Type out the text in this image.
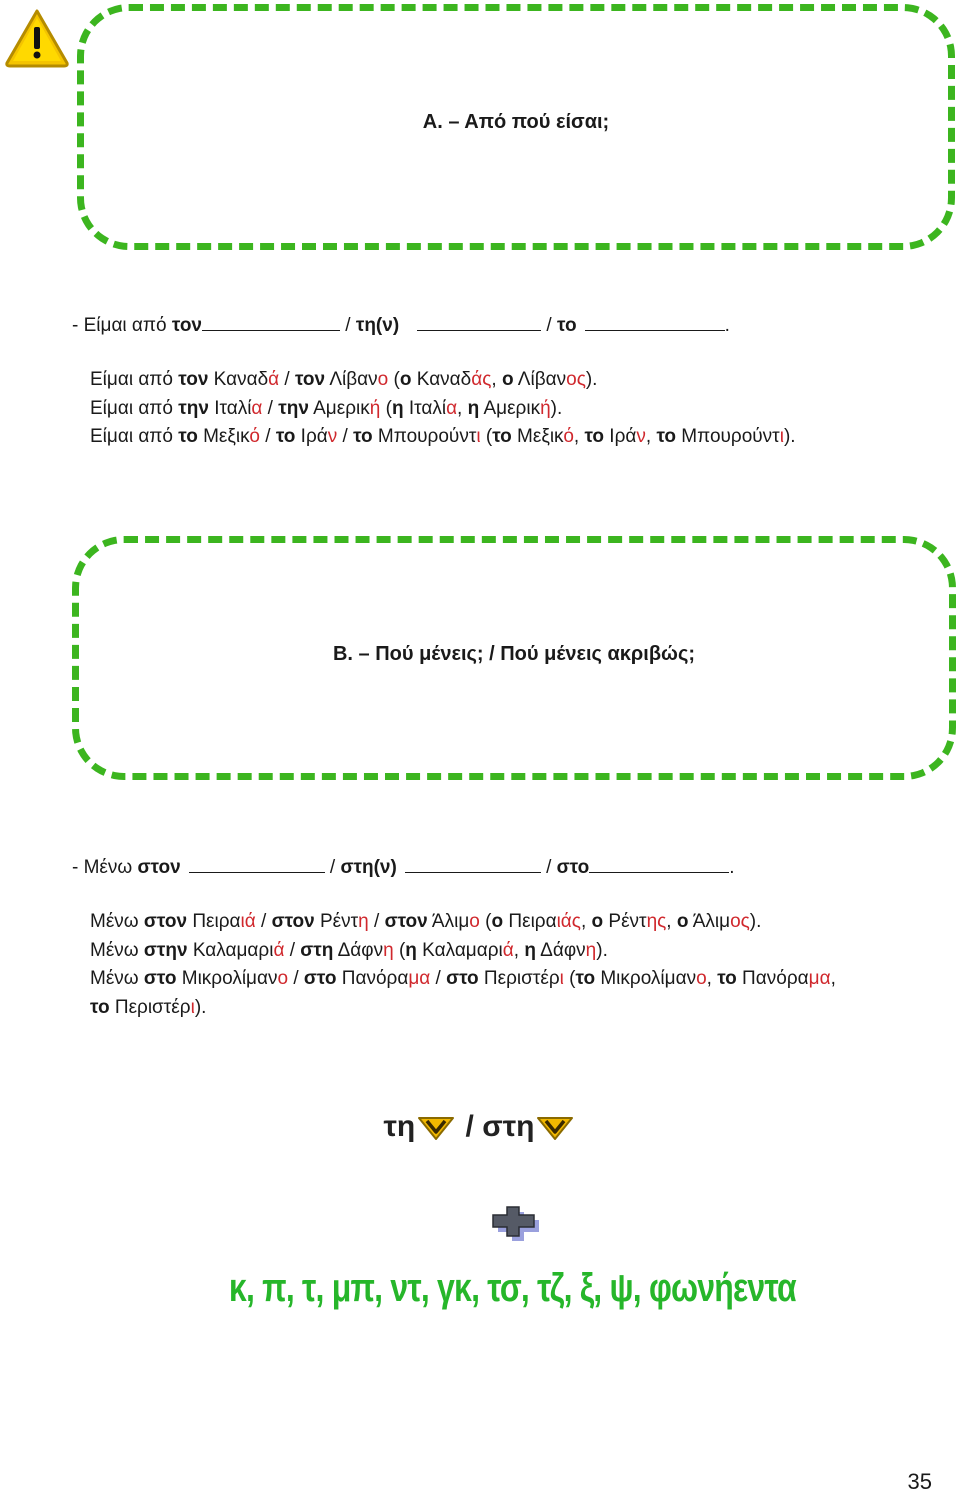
Α. – Από πού είσαι;
- Είμαι από τον	/ τη(ν)	/ το	.

Είμαι από τον Καναδά / τον Λίβανο (ο Καναδάς, ο Λίβανος).

Είμαι από την Ιταλία / την Αμερική (η Ιταλία, η Αμερική).

Είμαι από το Μεξικό / το Ιράν / το Μπουρούντι (το Μεξικό, το Ιράν, το Μπουρούντι).

Β. – Πού μένεις; / Πού μένεις ακριβώς;
- Μένω στον	/ στη(ν)	/ στο	.

Μένω στον Πειραιά / στον Ρέντη / στον Άλιμο (ο Πειραιάς, ο Ρέντης, ο Άλιμος).

Μένω στην Καλαμαριά / στη Δάφνη (η Καλαμαριά, η Δάφνη).

Μένω στο Μικρολίμανο / στο Πανόραμα / στο Περιστέρι (το Μικρολίμανο, το Πανόραμα,

το Περιστέρι).

τη / στη
κ, π, τ, μπ, ντ, γκ, τσ, τζ, ξ, ψ, φωνήεντα
35
